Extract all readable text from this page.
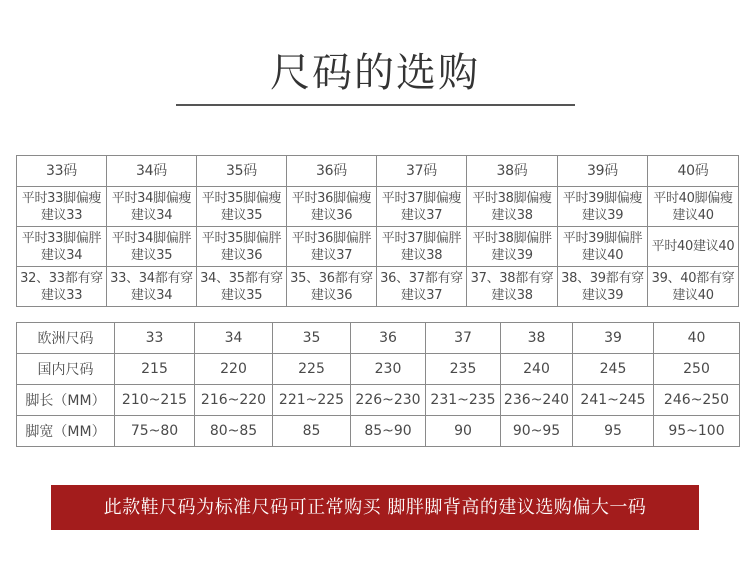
尺码的选购
33码	34码	35码	36码	37码	38码	39码	40码
平时33脚偏瘦建议33	平时34脚偏瘦建议34	平时35脚偏瘦建议35	平时36脚偏瘦建议36	平时37脚偏瘦建议37	平时38脚偏瘦建议38	平时39脚偏瘦建议39	平时40脚偏瘦建议40
平时33脚偏胖建议34	平时34脚偏胖建议35	平时35脚偏胖建议36	平时36脚偏胖建议37	平时37脚偏胖建议38	平时38脚偏胖建议39	平时39脚偏胖建议40	平时40建议40
32、33都有穿建议33	33、34都有穿建议34	34、35都有穿建议35	35、36都有穿建议36	36、37都有穿建议37	37、38都有穿建议38	38、39都有穿建议39	39、40都有穿建议40
欧洲尺码	33	34	35	36	37	38	39	40
国内尺码	215	220	225	230	235	240	245	250
脚长（MM）	210~215	216~220	221~225	226~230	231~235	236~240	241~245	246~250
脚宽（MM）	75~80	80~85	85	85~90	90	90~95	95	95~100
此款鞋尺码为标准尺码可正常购买 脚胖脚背高的建议选购偏大一码
